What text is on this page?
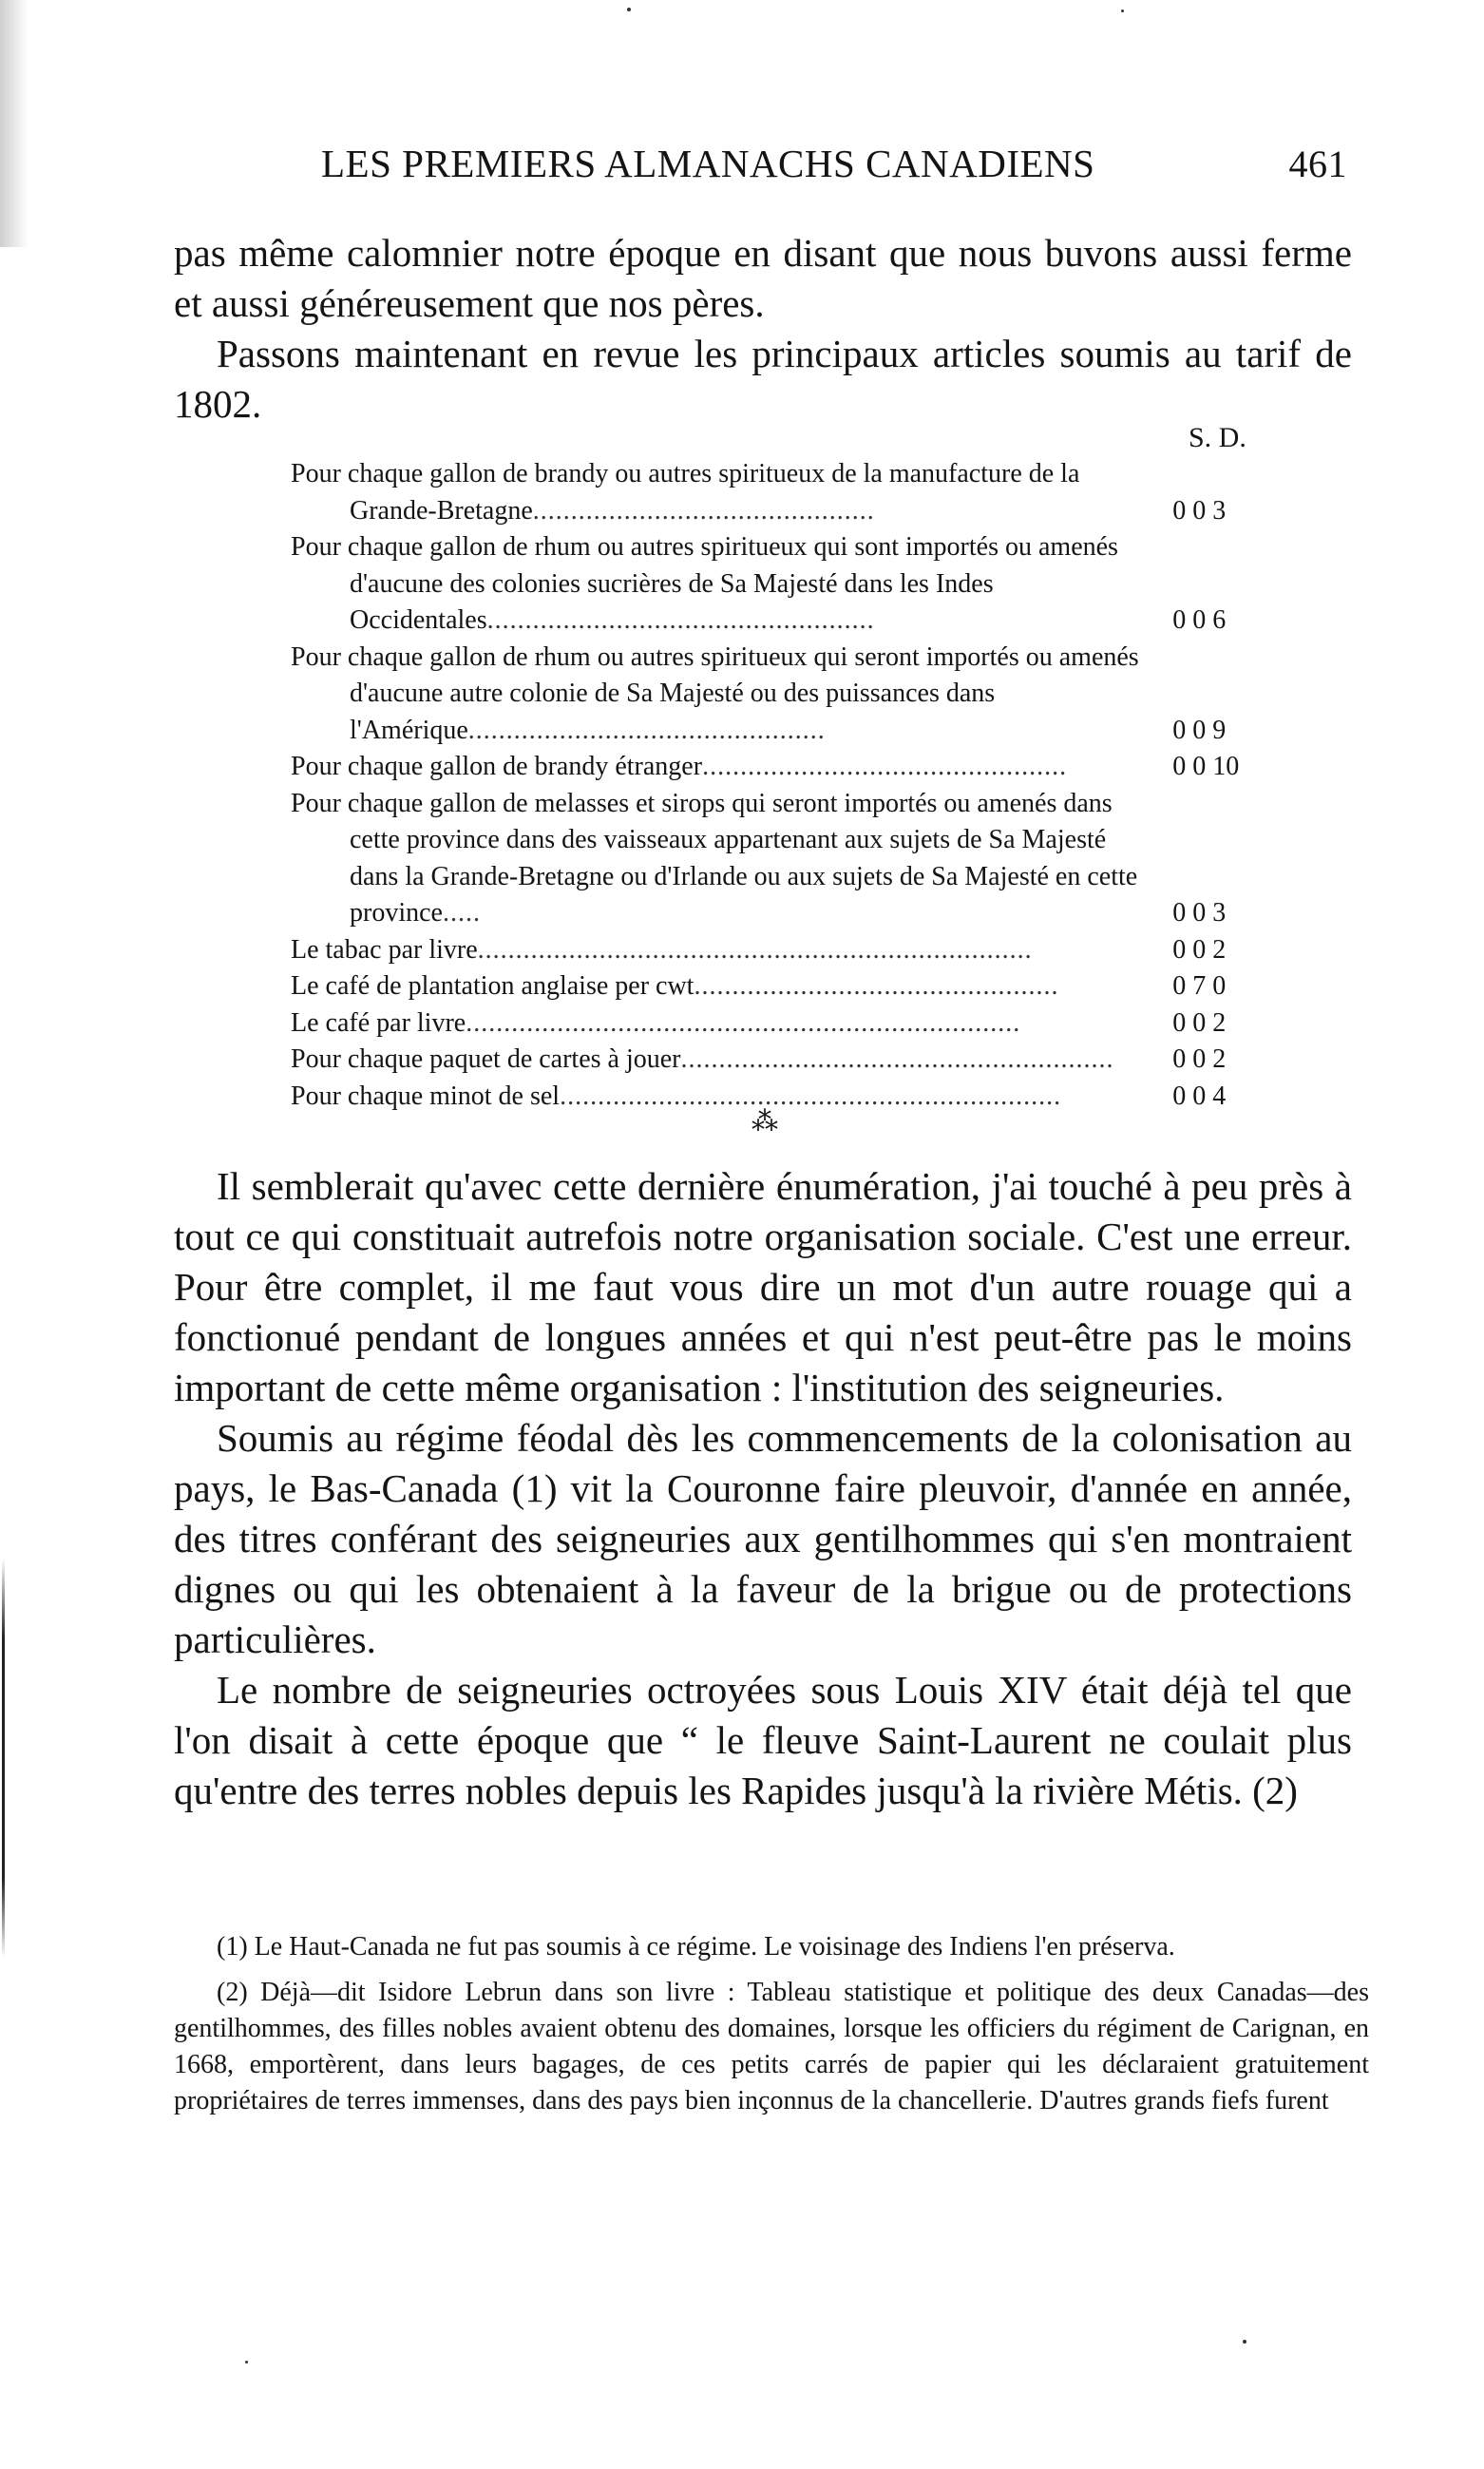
LES PREMIERS ALMANACHS CANADIENS	461

pas même calomnier notre époque en disant que nous buvons aussi ferme et aussi généreusement que nos pères.

Passons maintenant en revue les principaux articles soumis au tarif de 1802.

S. D.
Pour chaque gallon de brandy ou autres spiritueux de la manufacture de la Grande-Bretagne.............................................	0 0 3
Pour chaque gallon de rhum ou autres spiritueux qui sont importés ou amenés d'aucune des colonies sucrières de Sa Majesté dans les Indes Occidentales...................................................	0 0 6
Pour chaque gallon de rhum ou autres spiritueux qui seront importés ou amenés d'aucune autre colonie de Sa Majesté ou des puissances dans l'Amérique...............................................	0 0 9
Pour chaque gallon de brandy étranger................................................	0 0 10
Pour chaque gallon de melasses et sirops qui seront importés ou amenés dans cette province dans des vaisseaux appartenant aux sujets de Sa Majesté dans la Grande-Bretagne ou d'Irlande ou aux sujets de Sa Majesté en cette province.....	0 0 3
Le tabac par livre.........................................................................	0 0 2
Le café de plantation anglaise per cwt................................................	0 7 0
Le café par livre.........................................................................	0 0 2
Pour chaque paquet de cartes à jouer.........................................................	0 0 2
Pour chaque minot de sel..................................................................	0 0 4
⁂

Il semblerait qu'avec cette dernière énumération, j'ai touché à peu près à tout ce qui constituait autrefois notre organisation sociale. C'est une erreur. Pour être complet, il me faut vous dire un mot d'un autre rouage qui a fonctionué pendant de longues années et qui n'est peut-être pas le moins important de cette même organisation : l'institution des seigneuries.

Soumis au régime féodal dès les commencements de la colonisation au pays, le Bas-Canada (1) vit la Couronne faire pleuvoir, d'année en année, des titres conférant des seigneuries aux gentilhommes qui s'en montraient dignes ou qui les obtenaient à la faveur de la brigue ou de protections particulières.

Le nombre de seigneuries octroyées sous Louis XIV était déjà tel que l'on disait à cette époque que “ le fleuve Saint-Laurent ne coulait plus qu'entre des terres nobles depuis les Rapides jusqu'à la rivière Métis. (2)

(1) Le Haut-Canada ne fut pas soumis à ce régime. Le voisinage des Indiens l'en préserva.

(2) Déjà—dit Isidore Lebrun dans son livre : Tableau statistique et politique des deux Canadas—des gentilhommes, des filles nobles avaient obtenu des domaines, lorsque les officiers du régiment de Carignan, en 1668, emportèrent, dans leurs bagages, de ces petits carrés de papier qui les déclaraient gratuitement propriétaires de terres immenses, dans des pays bien inçonnus de la chancellerie. D'autres grands fiefs furent
